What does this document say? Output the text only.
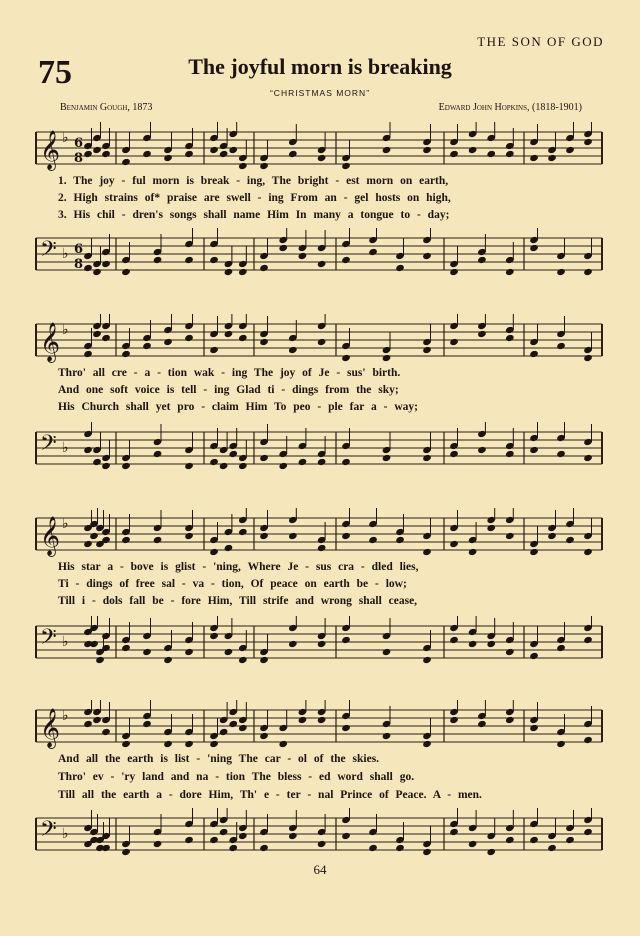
THE SON OF GOD
75	The joyful morn is breaking
“CHRISTMAS MORN”
Benjamin Gough, 1873	Edward John Hopkins, (1818-1901)
𝄞 ♭ 6
8
1. The joy - ful morn is break - ing, The bright - est morn on earth,
2. High strains of* praise are swell - ing From an - gel hosts on high,
3. His chil - dren's songs shall name Him In many a tongue to - day;
𝄢 ♭ 6
8
𝄞 ♭
Thro' all cre - a - tion wak - ing The joy of Je - sus' birth.
And one soft voice is tell - ing Glad ti - dings from the sky;
His Church shall yet pro - claim Him To peo - ple far a - way;
𝄢 ♭
𝄞 ♭
His star a - bove is glist - 'ning, Where Je - sus cra - dled lies,
Ti - dings of free sal - va - tion, Of peace on earth be - low;
Till i - dols fall be - fore Him, Till strife and wrong shall cease,
𝄢 ♭
𝄞 ♭
And all the earth is list - 'ning The car - ol of the skies.
Thro' ev - 'ry land and na - tion The bless - ed word shall go.
Till all the earth a - dore Him, Th' e - ter - nal Prince of Peace. A - men.
𝄢 ♭
64
